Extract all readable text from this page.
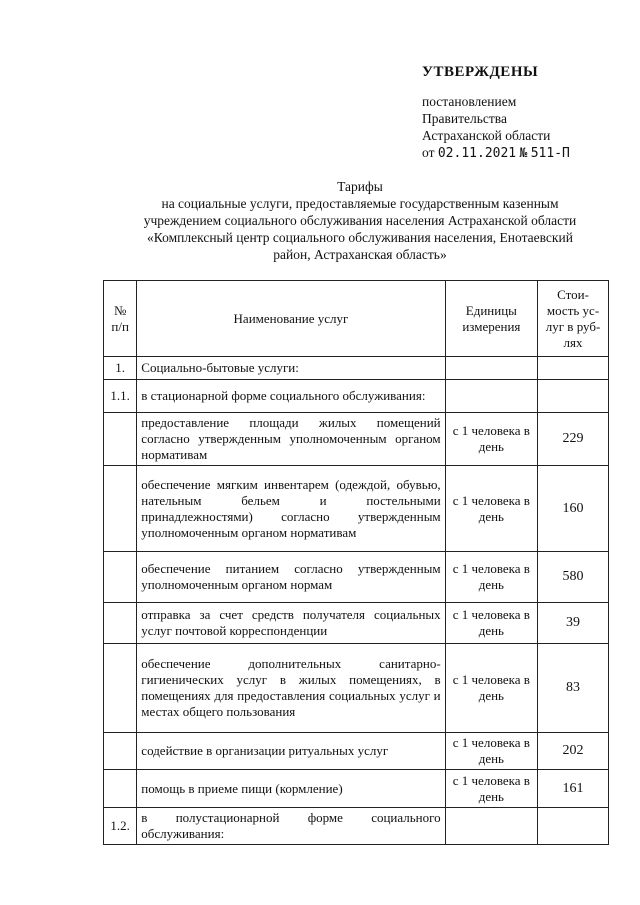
УТВЕРЖДЕНЫ
постановлением
Правительства
Астраханской области
от 02.11.2021 № 511-П
Тарифы
на социальные услуги, предоставляемые государственным казенным
учреждением социального обслуживания населения Астраханской области
«Комплексный центр социального обслуживания населения, Енотаевский
район, Астраханская область»
№ п/п	Наименование услуг	Единицы измерения	Стои-мость ус-луг в руб-лях
1.	Социально-бытовые услуги:		
1.1.	в стационарной форме социального обслуживания:		
	предоставление площади жилых помещений согласно утвержденным уполномоченным органом нормативам	с 1 человека в день	229
	обеспечение мягким инвентарем (одеждой, обувью, нательным бельем и постельными принадлежностями) согласно утвержденным уполномоченным органом нормативам	с 1 человека в день	160
	обеспечение питанием согласно утвержденным уполномоченным органом нормам	с 1 человека в день	580
	отправка за счет средств получателя социальных услуг почтовой корреспонденции	с 1 человека в день	39
	обеспечение дополнительных санитарно-гигиенических услуг в жилых помещениях, в помещениях для предоставления социальных услуг и местах общего пользования	с 1 человека в день	83
	содействие в организации ритуальных услуг	с 1 человека в день	202
	помощь в приеме пищи (кормление)	с 1 человека в день	161
1.2.	в полустационарной форме социального обслуживания:		
